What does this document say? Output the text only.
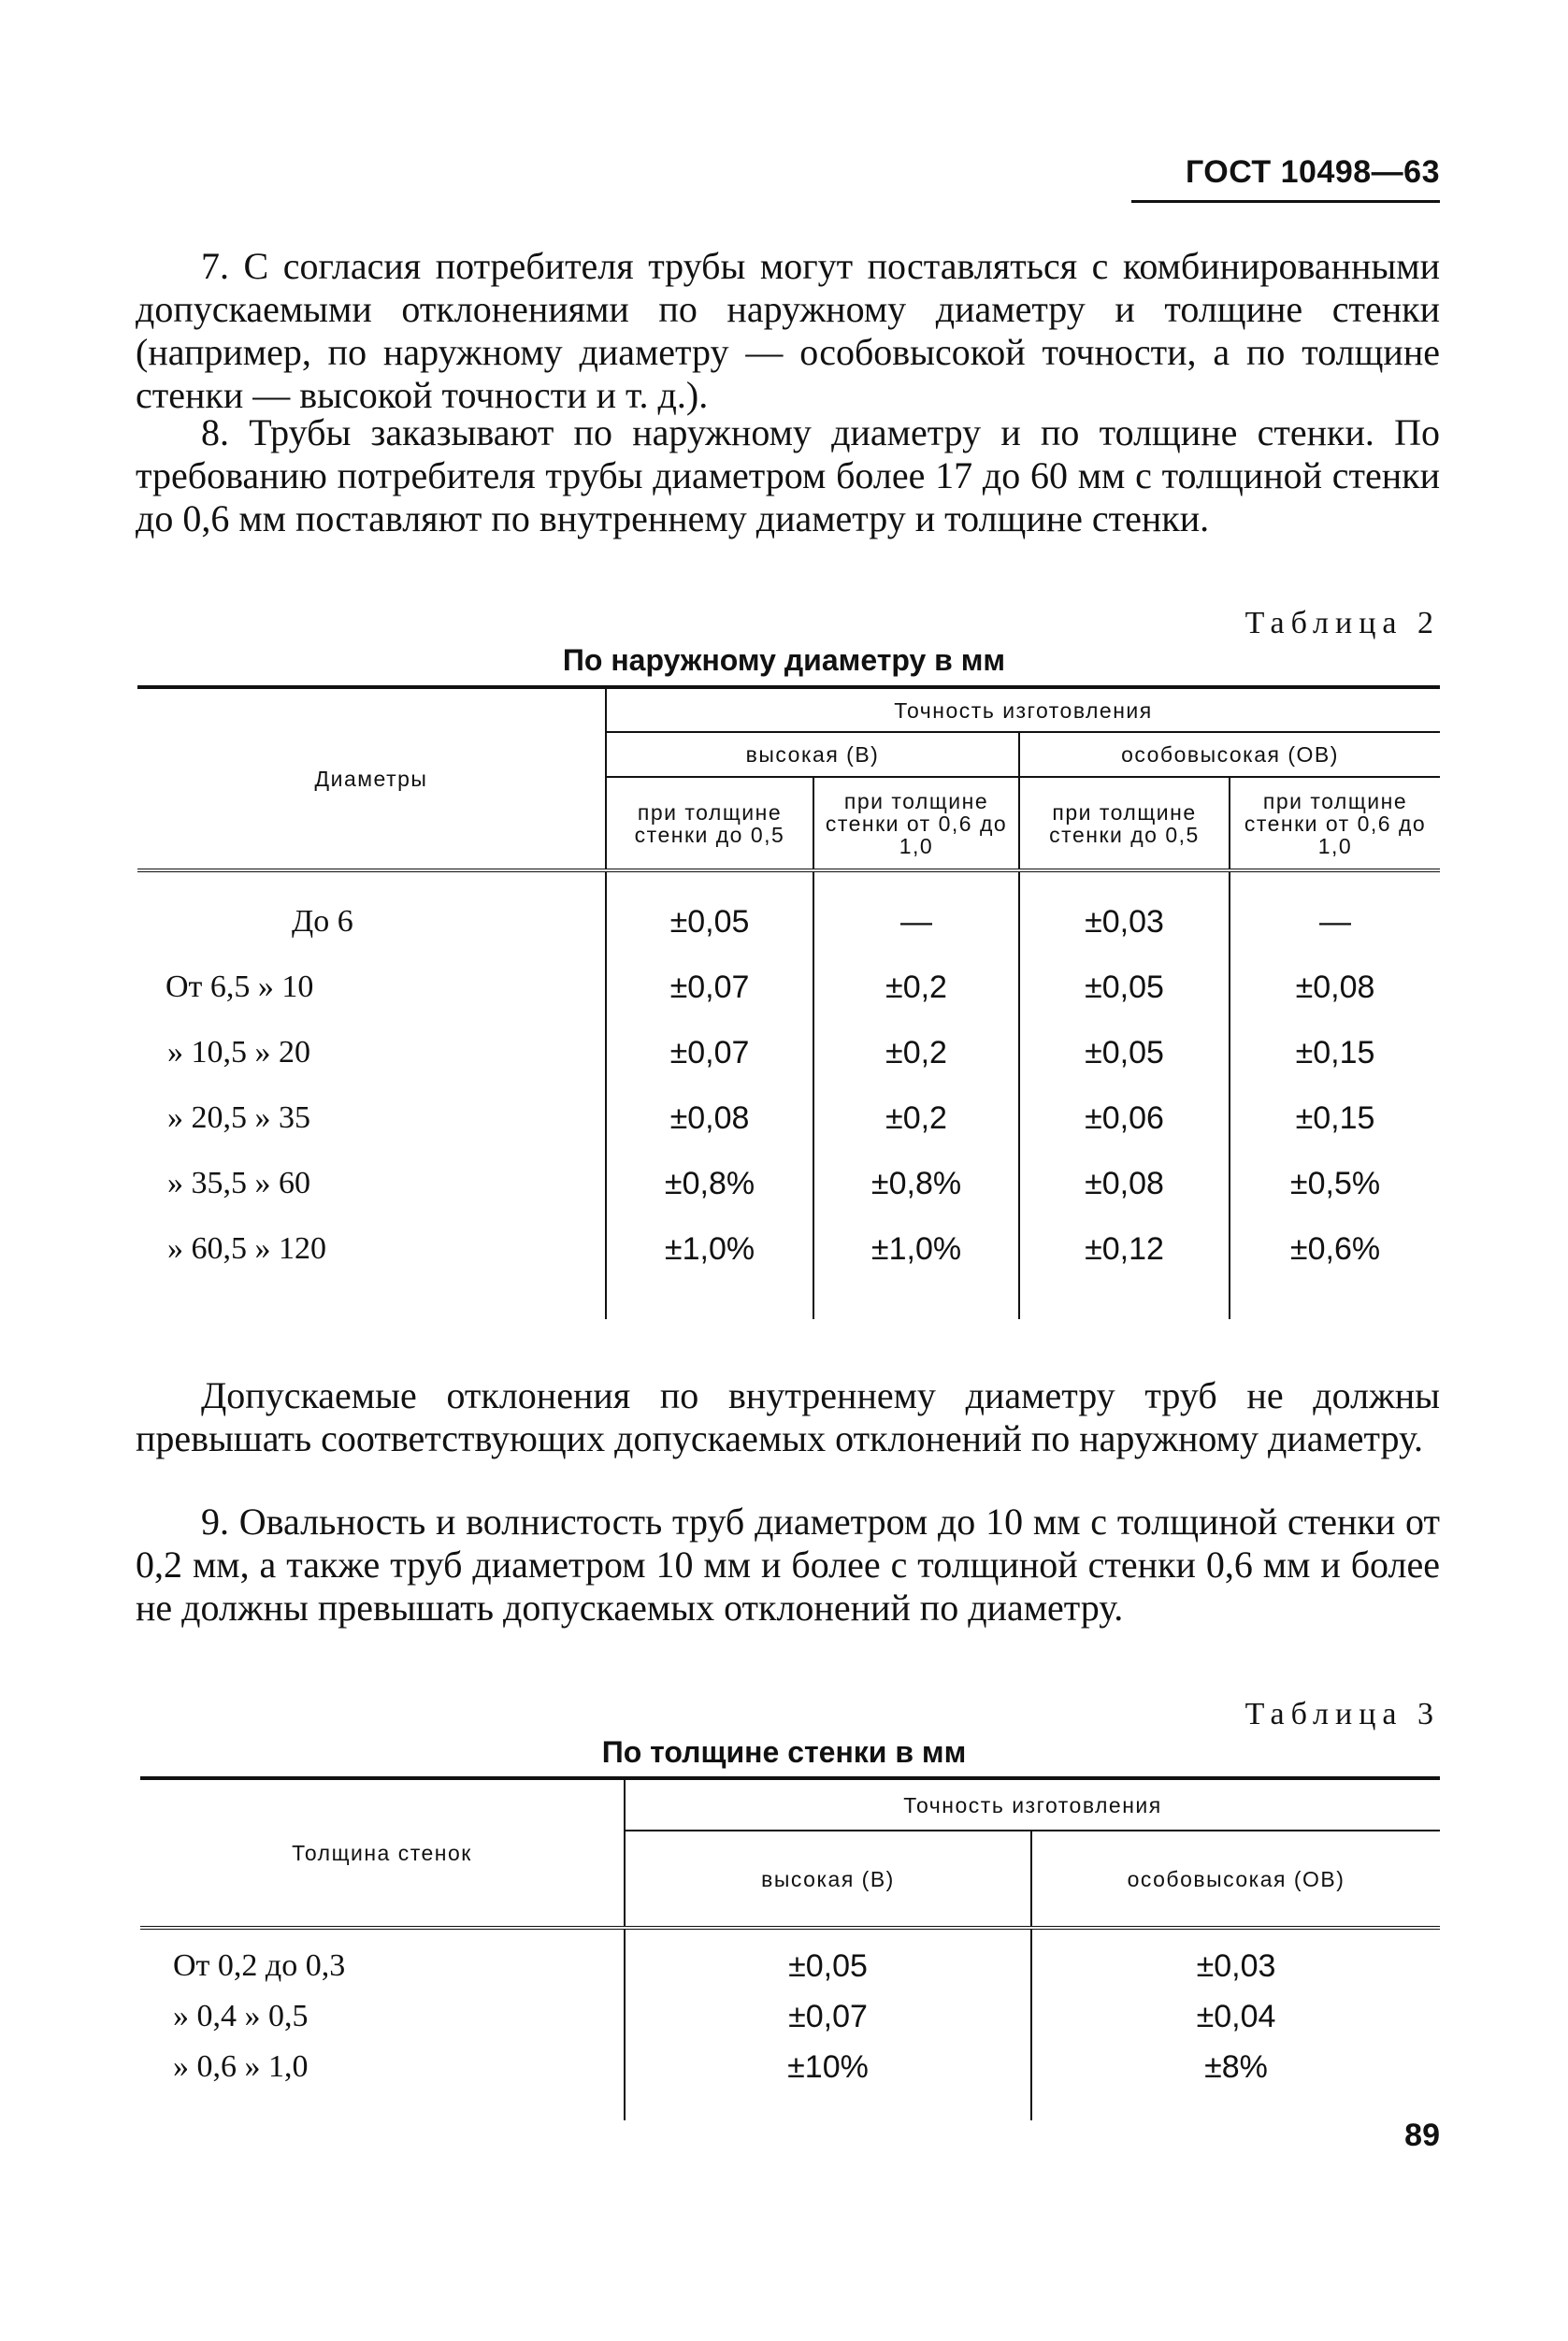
ГОСТ 10498—63
7. С согласия потребителя трубы могут поставляться с комбинированными допускаемыми отклонениями по наружному диаметру и толщине стенки (например, по наружному диаметру — особовысокой точности, а по толщине стенки — высокой точности и т. д.).
8. Трубы заказывают по наружному диаметру и по толщине стенки. По требованию потребителя трубы диаметром более 17 до 60 мм с толщиной стенки до 0,6 мм поставляют по внутреннему диаметру и толщине стенки.
Таблица 2
По наружному диаметру в мм
Диаметры	Точность изготовления			
	высокая (В)		особовысокая (ОВ)	
	при толщине стенки до 0,5	при толщине стенки от 0,6 до 1,0	при толщине стенки до 0,5	при толщине стенки от 0,6 до 1,0

До 6	±0,05	—	±0,03	—
От 6,5 » 10	±0,07	±0,2	±0,05	±0,08
» 10,5 » 20	±0,07	±0,2	±0,05	±0,15
» 20,5 » 35	±0,08	±0,2	±0,06	±0,15
» 35,5 » 60	±0,8%	±0,8%	±0,08	±0,5%
» 60,5 » 120	±1,0%	±1,0%	±0,12	±0,6%

Допускаемые отклонения по внутреннему диаметру труб не должны превышать соответствующих допускаемых отклонений по наружному диаметру.
9. Овальность и волнистость труб диаметром до 10 мм с толщиной стенки от 0,2 мм, а также труб диаметром 10 мм и более с толщиной стенки 0,6 мм и более не должны превышать допускаемых отклонений по диаметру.
Таблица 3
По толщине стенки в мм
Толщина стенок	Точность изготовления	
	высокая (В)	особовысокая (ОВ)

От 0,2 до 0,3	±0,05	±0,03
» 0,4 » 0,5	±0,07	±0,04
» 0,6 » 1,0	±10%	±8%

89
